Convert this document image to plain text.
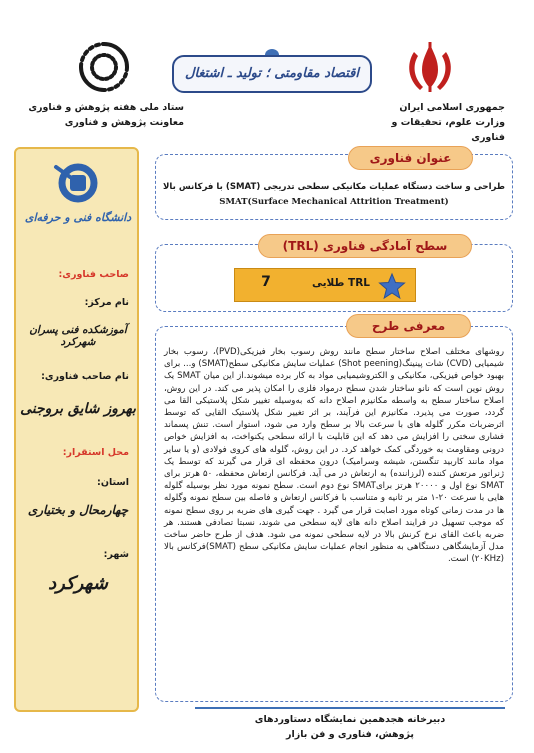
جمهوری اسلامی ایران
وزارت علوم، تحقیقات و فناوری
ستاد ملی هفته پژوهش و فناوری
معاونت پژوهش و فناوری
اقتصاد مقاومتی ؛ تولید ـ اشتغال
دانشگاه فنی و حرفه‌ای
صاحب فناوری:
نام مرکز:
آموزشکده فنی پسران شهرکرد
نام صاحب فناوری:
بهروز شایق بروجنی
محل استقرار:
استان:
چهارمحال و بختیاری
شهر:
شهرکرد
عنوان فناوری
طراحی و ساخت دستگاه عملیات مکانیکی سطحی تدریجی (SMAT) با فرکانس بالا
SMAT(Surface Mechanical Attrition Treatment)
سطح آمادگی فناوری (TRL)
TRL طلایی
7
معرفی طرح
روشهای مختلف اصلاح ساختار سطح مانند روش رسوب بخار فیزیکی(PVD)، رسوب بخار شیمیایی (CVD) شات پینینگ(Shot peening) عملیات سایش مکانیکی سطح(SMAT) و... برای بهبود خواص فیزیکی، مکانیکی و الکتروشیمیایی مواد به کار برده میشوند.از این میان SMAT یک روش نوین است که نانو ساختار شدن سطح درمواد فلزی را امکان پذیر می کند. در این روش، اصلاح ساختار سطح به واسطه مکانیزم اصلاح دانه که به‌وسیله تغییر شکل پلاستیکی القا می گردد، صورت می پذیرد. مکانیزم این فرآیند، بر اثر تغییر شکل پلاستیک القایی که توسط اثرضربات مکرر گلوله های با سرعت بالا بر سطح وارد می شود، استوار است. تنش پسماند فشاری سختی را افزایش می دهد که این قابلیت با ارائه سطحی یکنواخت، به افزایش خواص درونی ومقاومت به خوردگی کمک خواهد کرد. در این روش، گلوله های کروی فولادی (و یا سایر مواد مانند کاربید تنگستن، شیشه وسرامیک) درون محفظه ای قرار می گیرند که توسط یک ژنراتور مرتعش کننده (لرزاننده) به ارتعاش در می آید. فرکانس ارتعاش محفظه، ۵۰ هرتز برای SMAT نوع اول و ۲۰۰۰۰ هرتز برایSMAT نوع دوم است. سطح نمونه مورد نظر بوسیله گلوله هایی با سرعت ۲۰-۱ متر بر ثانیه و متناسب با فرکانس ارتعاش و فاصله بین سطح نمونه وگلوله ها در مدت زمانی کوتاه مورد اصابت قرار می گیرد . جهت گیری های ضربه بر روی سطح نمونه که موجب تسهیل در فرایند اصلاح دانه های لایه سطحی می شوند، نسبتا تصادفی هستند. هر ضربه باعث القای نرخ کرنش بالا در لایه سطحی نمونه می شود. هدف از طرح حاضر ساخت مدل آزمایشگاهی دستگاهی به منظور انجام عملیات سایش مکانیکی سطح (SMAT)فرکانس بالا (۲۰KHz) است.
دبیرخانه هجدهمین نمایشگاه دستاوردهای
پژوهش، فناوری و فن بازار
